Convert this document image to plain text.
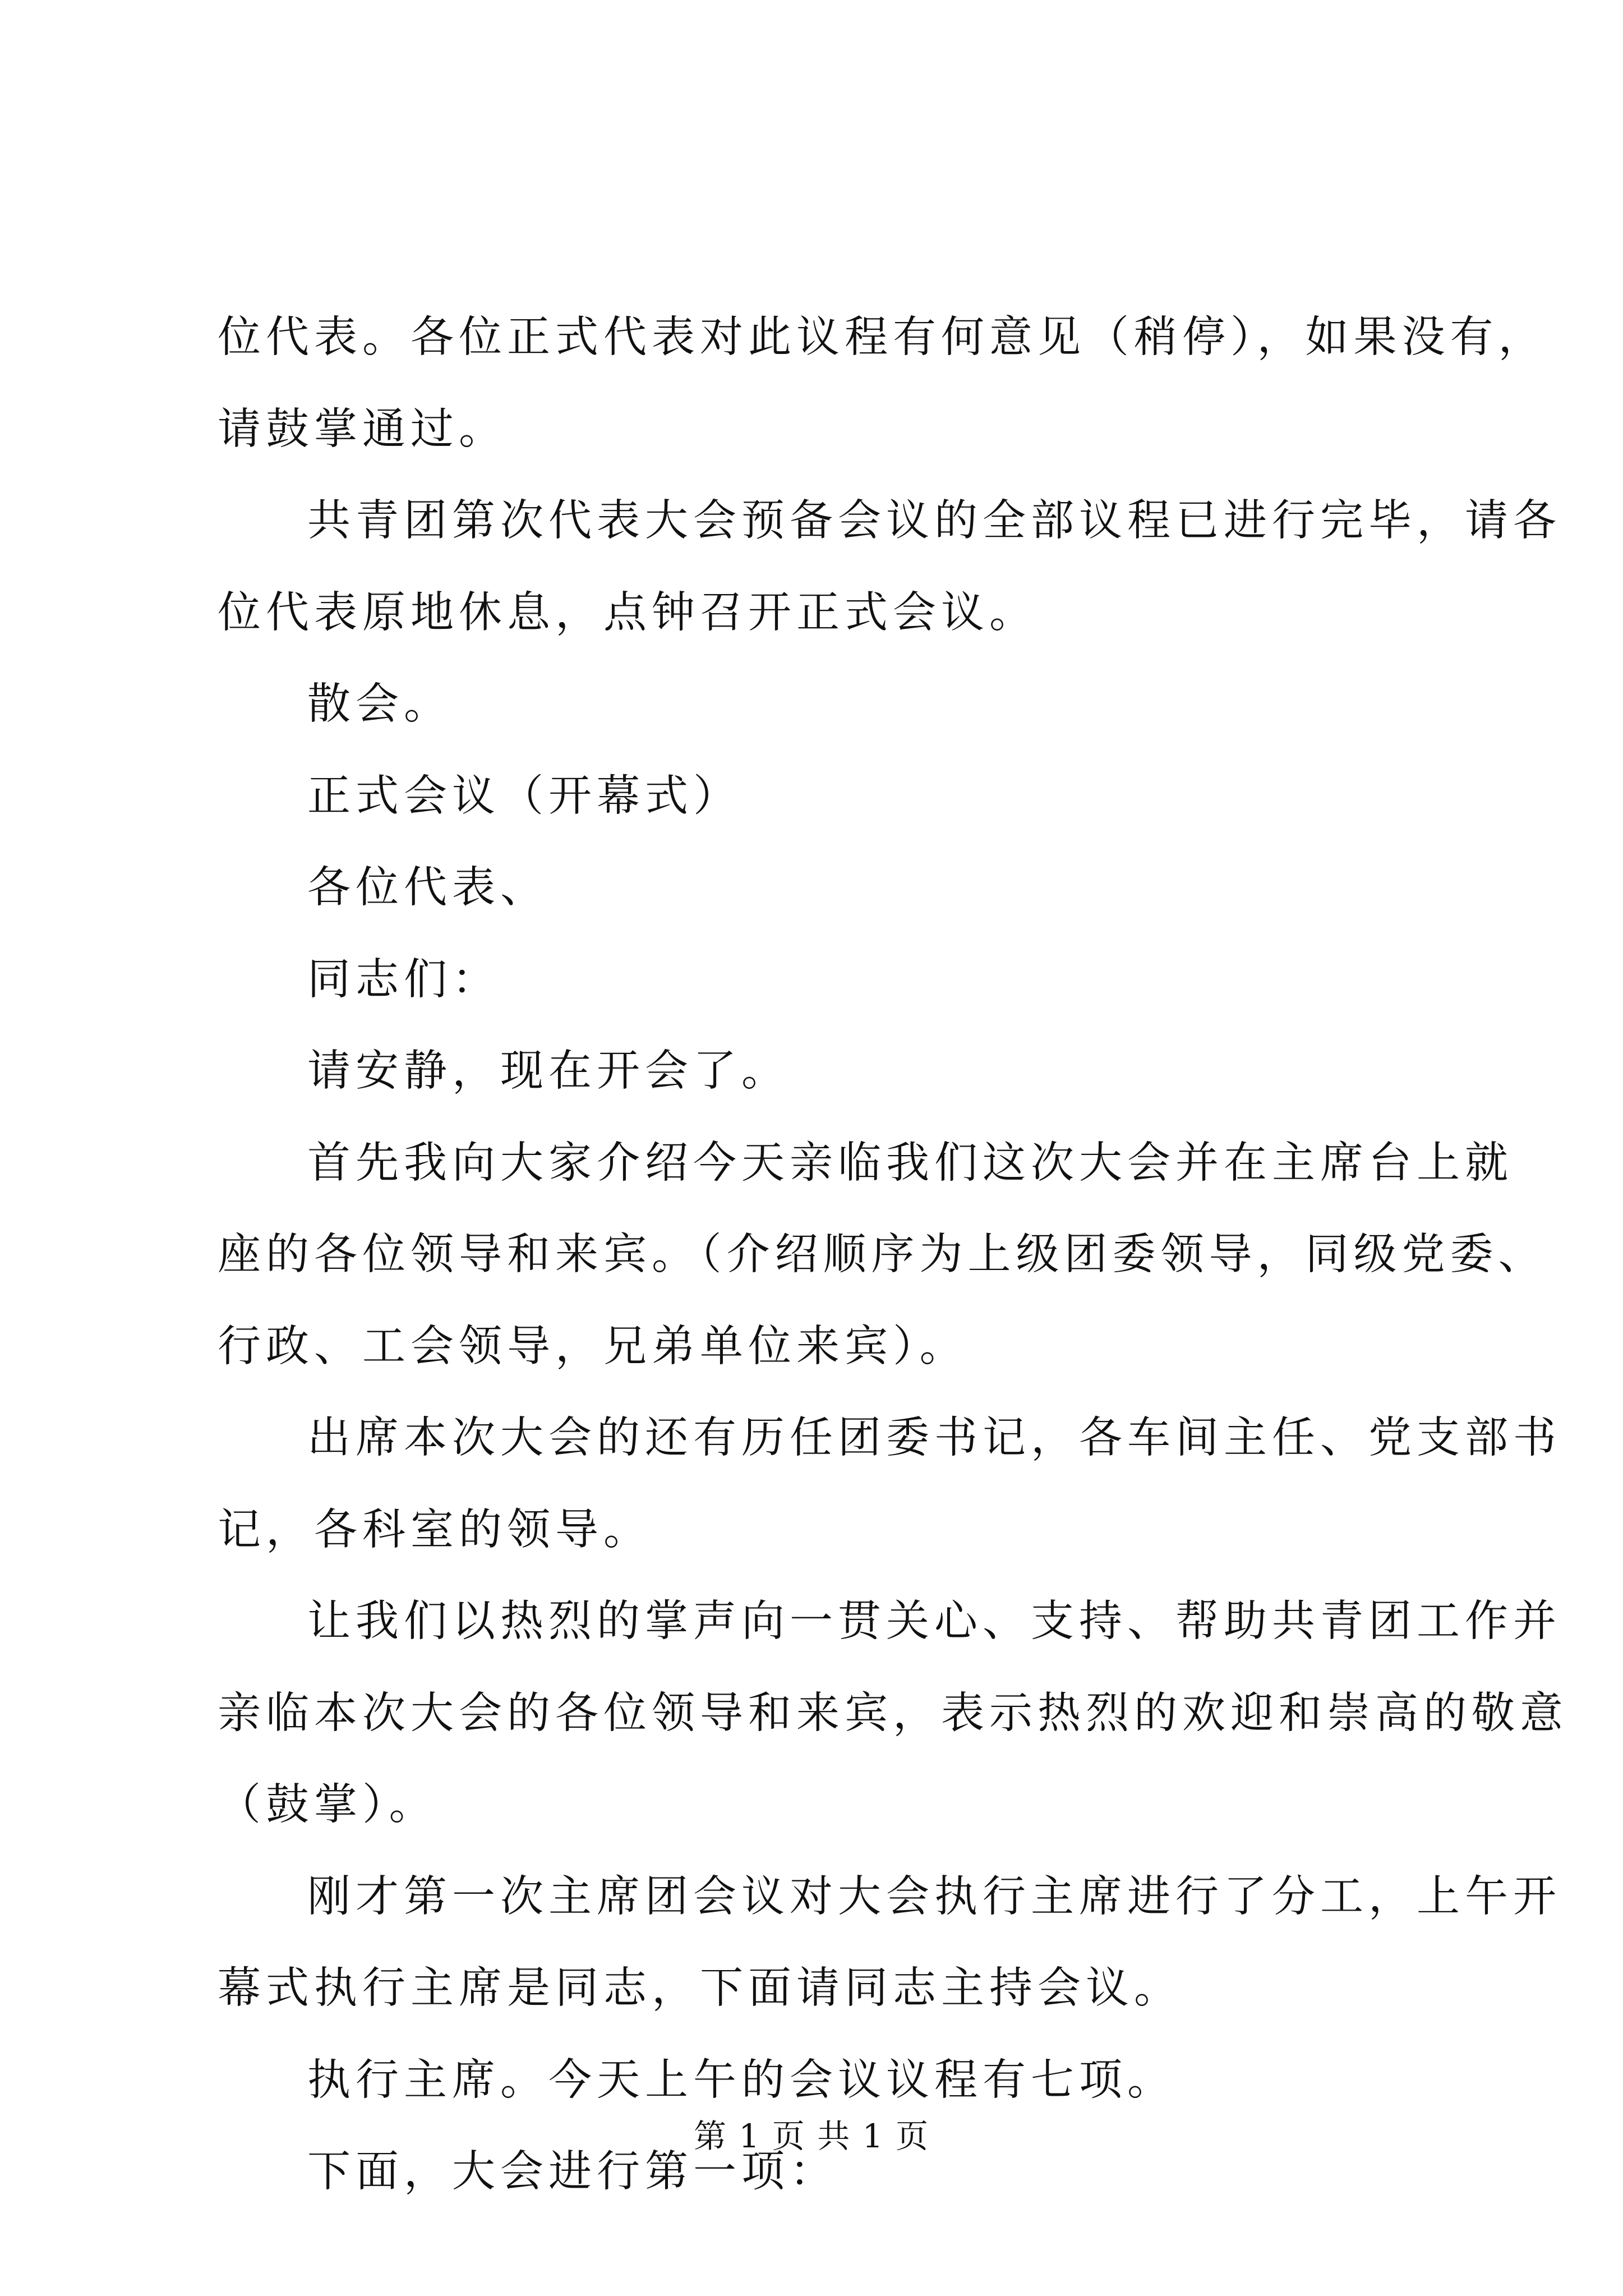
位代表。各位正式代表对此议程有何意见（稍停），如果没有，
请鼓掌通过。
共青团第次代表大会预备会议的全部议程已进行完毕，请各
位代表原地休息，点钟召开正式会议。
散会。
正式会议（开幕式）
各位代表、
同志们：
请安静，现在开会了。
首先我向大家介绍今天亲临我们这次大会并在主席台上就
座的各位领导和来宾。（介绍顺序为上级团委领导，同级党委、
行政、工会领导，兄弟单位来宾）。
出席本次大会的还有历任团委书记，各车间主任、党支部书
记，各科室的领导。
让我们以热烈的掌声向一贯关心、支持、帮助共青团工作并
亲临本次大会的各位领导和来宾，表示热烈的欢迎和崇高的敬意
（鼓掌）。
刚才第一次主席团会议对大会执行主席进行了分工，上午开
幕式执行主席是同志，下面请同志主持会议。
执行主席。今天上午的会议议程有七项。
下面，大会进行第一项：
第 1 页 共 1 页
